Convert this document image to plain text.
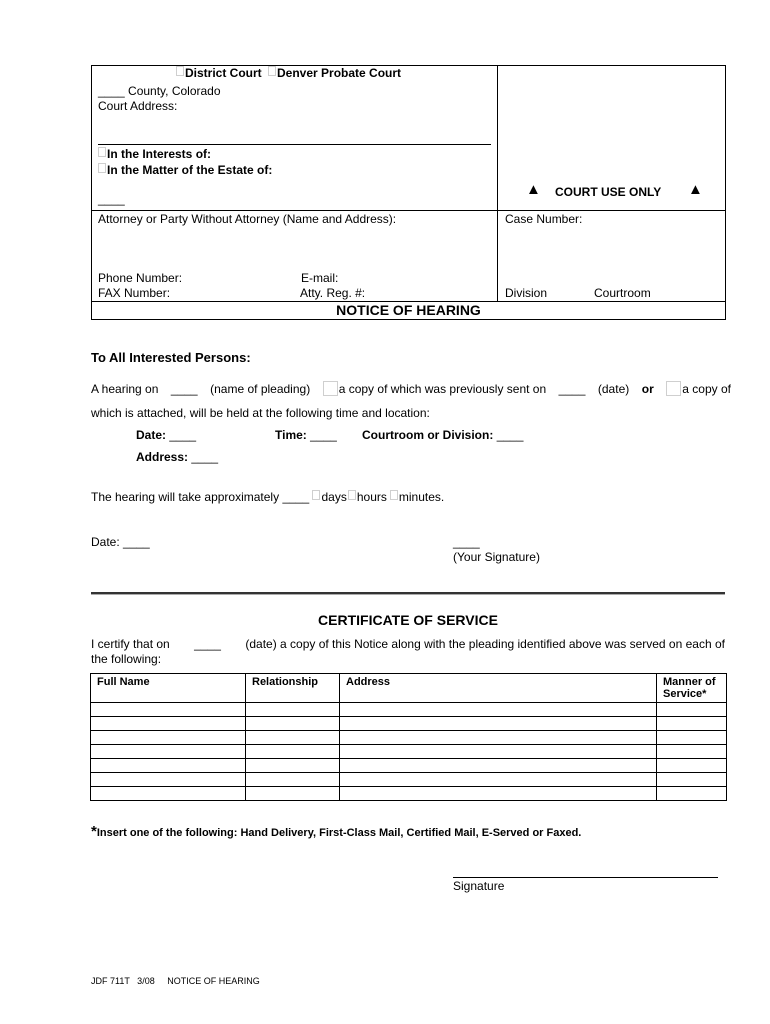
District Court Denver Probate Court
____ County, Colorado
Court Address:
In the Interests of:
In the Matter of the Estate of:
____
▲ COURT USE ONLY ▲
Attorney or Party Without Attorney (Name and Address):	Case Number:
Phone Number:	E-mail:
FAX Number:	Atty. Reg. #:	Division	Courtroom
NOTICE OF HEARING
To All Interested Persons:
A hearing on ____ (name of pleading)	a copy of which was previously sent on ____ (date) or	a copy of
which is attached, will be held at the following time and location:
Date: ____	Time: ____ Courtroom or Division: ____
Address: ____
The hearing will take approximately ____ days hours minutes.
Date: ____	____
(Your Signature)
CERTIFICATE OF SERVICE
I certify that on ____ (date) a copy of this Notice along with the pleading identified above was served on each of
the following:
Full Name	Relationship	Address	Manner of Service*

*Insert one of the following: Hand Delivery, First-Class Mail, Certified Mail, E-Served or Faxed.
Signature
JDF 711T   3/08 NOTICE OF HEARING
